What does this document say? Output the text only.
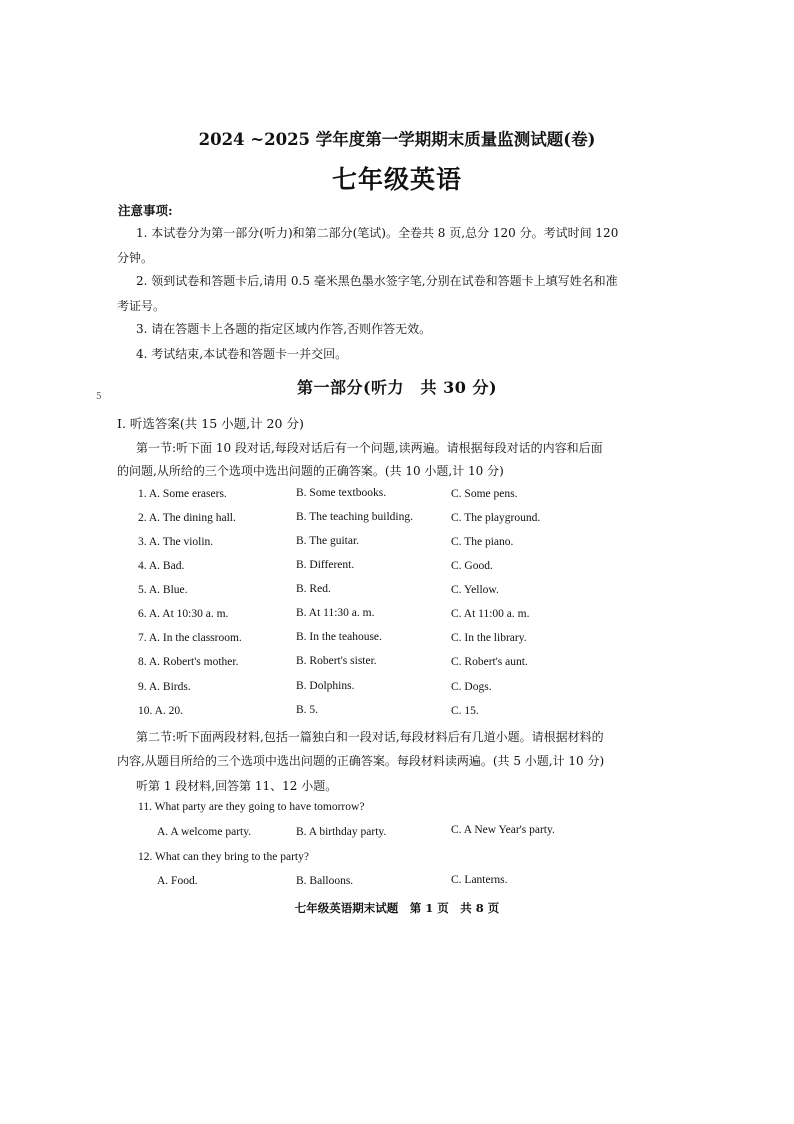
2024 ~2025 学年度第一学期期末质量监测试题(卷)
七年级英语
注意事项:
1. 本试卷分为第一部分(听力)和第二部分(笔试)。全卷共 8 页,总分 120 分。考试时间 120
分钟。
2. 领到试卷和答题卡后,请用 0.5 毫米黑色墨水签字笔,分别在试卷和答题卡上填写姓名和准
考证号。
3. 请在答题卡上各题的指定区域内作答,否则作答无效。
4. 考试结束,本试卷和答题卡一并交回。
5	第一部分(听力　共 30 分)
Ⅰ. 听选答案(共 15 小题,计 20 分)
第一节:听下面 10 段对话,每段对话后有一个问题,读两遍。请根据每段对话的内容和后面
的问题,从所给的三个选项中选出问题的正确答案。(共 10 小题,计 10 分)
1. A. Some erasers.	B. Some textbooks.	C. Some pens.
2. A. The dining hall.	B. The teaching building.	C. The playground.
3. A. The violin.	B. The guitar.	C. The piano.
4. A. Bad.	B. Different.	C. Good.
5. A. Blue.	B. Red.	C. Yellow.
6. A. At 10:30 a. m.	B. At 11:30 a. m.	C. At 11:00 a. m.
7. A. In the classroom.	B. In the teahouse.	C. In the library.
8. A. Robert's mother.	B. Robert's sister.	C. Robert's aunt.
9. A. Birds.	B. Dolphins.	C. Dogs.
10. A. 20.	B. 5.	C. 15.
第二节:听下面两段材料,包括一篇独白和一段对话,每段材料后有几道小题。请根据材料的
内容,从题目所给的三个选项中选出问题的正确答案。每段材料读两遍。(共 5 小题,计 10 分)
听第 1 段材料,回答第 11、12 小题。
11. What party are they going to have tomorrow?
A. A welcome party.	B. A birthday party.	C. A New Year's party.
12. What can they bring to the party?
A. Food.	B. Balloons.	C. Lanterns.
七年级英语期末试题　第 1 页　共 8 页
